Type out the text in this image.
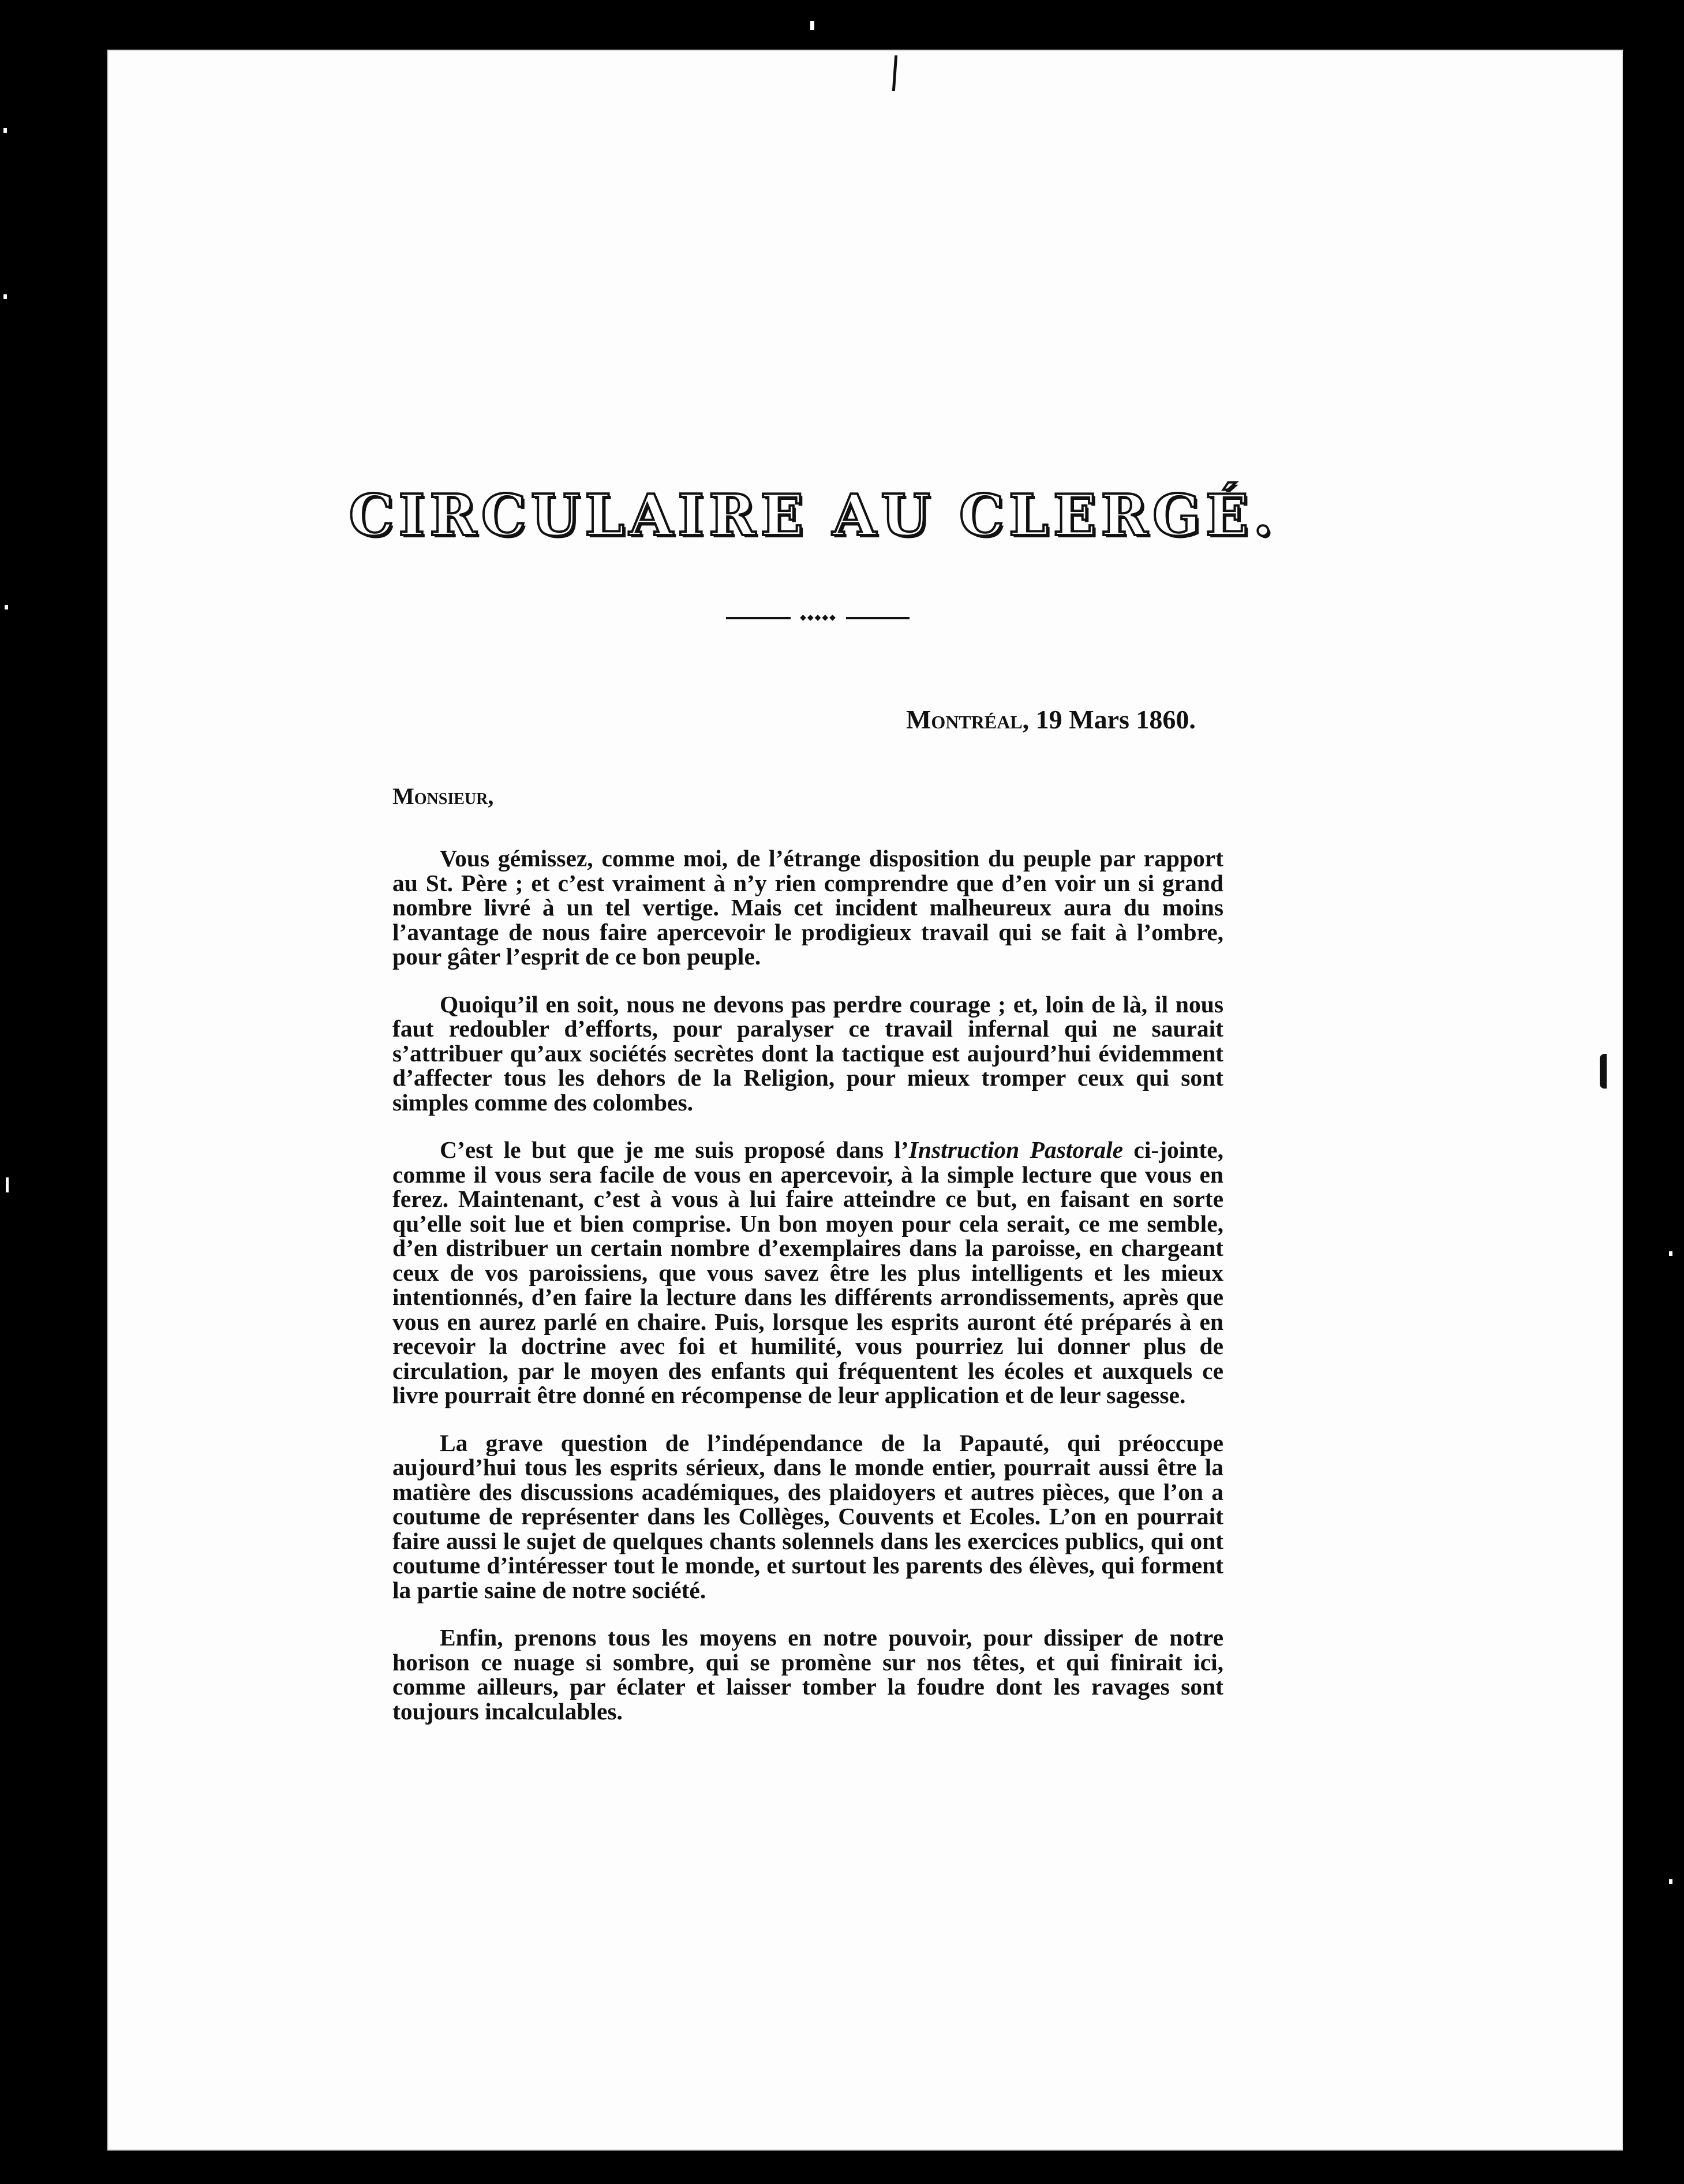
CIRCULAIRE AU CLERGÉ.
◆◆◆◆◆
Montréal, 19 Mars 1860.
Monsieur,

Vous gémissez, comme moi, de l’étrange disposition du peuple par rapport au St. Père ; et c’est vraiment à n’y rien comprendre que d’en voir un si grand nombre livré à un tel vertige. Mais cet incident malheureux aura du moins l’avantage de nous faire apercevoir le prodigieux travail qui se fait à l’ombre, pour gâter l’esprit de ce bon peuple.

Quoiqu’il en soit, nous ne devons pas perdre courage ; et, loin de là, il nous faut redoubler d’efforts, pour paralyser ce travail infernal qui ne saurait s’attribuer qu’aux sociétés secrètes dont la tactique est aujourd’hui évidemment d’affecter tous les dehors de la Religion, pour mieux tromper ceux qui sont simples comme des colombes.

C’est le but que je me suis proposé dans l’Instruction Pastorale ci-jointe, comme il vous sera facile de vous en apercevoir, à la simple lecture que vous en ferez. Maintenant, c’est à vous à lui faire atteindre ce but, en faisant en sorte qu’elle soit lue et bien comprise. Un bon moyen pour cela serait, ce me semble, d’en distribuer un certain nombre d’exemplaires dans la paroisse, en chargeant ceux de vos paroissiens, que vous savez être les plus intelligents et les mieux intentionnés, d’en faire la lecture dans les différents arrondissements, après que vous en aurez parlé en chaire. Puis, lorsque les esprits auront été préparés à en recevoir la doctrine avec foi et humilité, vous pourriez lui donner plus de circulation, par le moyen des enfants qui fréquentent les écoles et auxquels ce livre pourrait être donné en récompense de leur application et de leur sagesse.

La grave question de l’indépendance de la Papauté, qui préoccupe aujourd’hui tous les esprits sérieux, dans le monde entier, pourrait aussi être la matière des discussions académiques, des plaidoyers et autres pièces, que l’on a coutume de représenter dans les Collèges, Couvents et Ecoles. L’on en pourrait faire aussi le sujet de quelques chants solennels dans les exercices publics, qui ont coutume d’intéresser tout le monde, et surtout les parents des élèves, qui forment la partie saine de notre société.

Enfin, prenons tous les moyens en notre pouvoir, pour dissiper de notre horison ce nuage si sombre, qui se promène sur nos têtes, et qui finirait ici, comme ailleurs, par éclater et laisser tomber la foudre dont les ravages sont toujours incalculables.
